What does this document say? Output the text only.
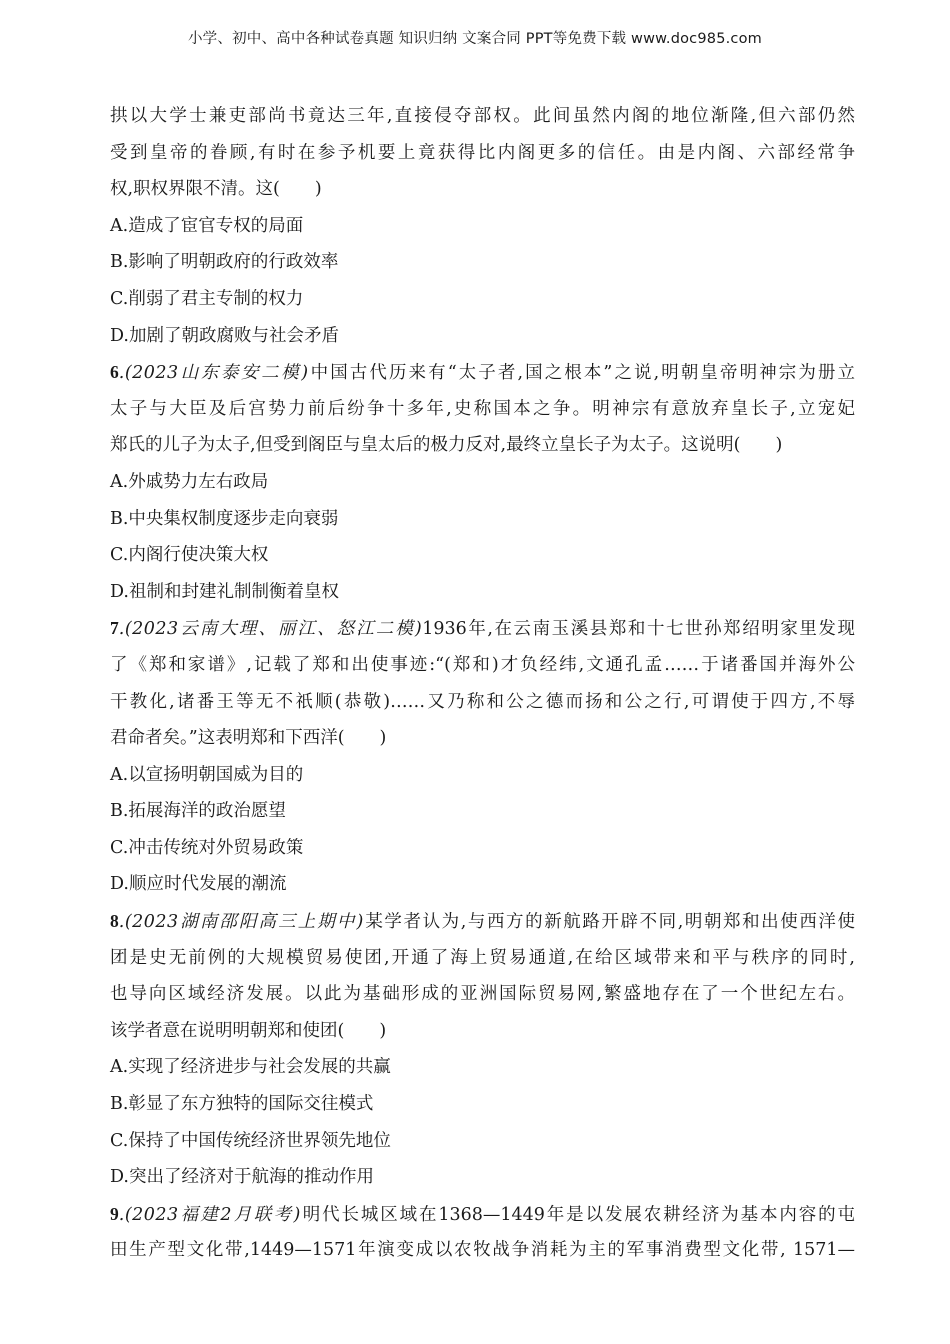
小学、初中、高中各种试卷真题 知识归纳 文案合同 PPT等免费下载 www.doc985.com
拱以大学士兼吏部尚书竟达三年,直接侵夺部权。此间虽然内阁的地位渐隆,但六部仍然
受到皇帝的眷顾,有时在参予机要上竟获得比内阁更多的信任。由是内阁、六部经常争
权,职权界限不清。这(　　)
A.造成了宦官专权的局面
B.影响了明朝政府的行政效率
C.削弱了君主专制的权力
D.加剧了朝政腐败与社会矛盾
6.(2023山东泰安二模)中国古代历来有“太子者,国之根本”之说,明朝皇帝明神宗为册立
太子与大臣及后宫势力前后纷争十多年,史称国本之争。明神宗有意放弃皇长子,立宠妃
郑氏的儿子为太子,但受到阁臣与皇太后的极力反对,最终立皇长子为太子。这说明(　　)
A.外戚势力左右政局
B.中央集权制度逐步走向衰弱
C.内阁行使决策大权
D.祖制和封建礼制制衡着皇权
7.(2023云南大理、丽江、怒江二模)1936年,在云南玉溪县郑和十七世孙郑绍明家里发现
了《郑和家谱》,记载了郑和出使事迹:“(郑和)才负经纬,文通孔孟……于诸番国并海外公
干教化,诸番王等无不祇顺(恭敬)……又乃称和公之德而扬和公之行,可谓使于四方,不辱
君命者矣。”这表明郑和下西洋(　　)
A.以宣扬明朝国威为目的
B.拓展海洋的政治愿望
C.冲击传统对外贸易政策
D.顺应时代发展的潮流
8.(2023湖南邵阳高三上期中)某学者认为,与西方的新航路开辟不同,明朝郑和出使西洋使
团是史无前例的大规模贸易使团,开通了海上贸易通道,在给区域带来和平与秩序的同时,
也导向区域经济发展。以此为基础形成的亚洲国际贸易网,繁盛地存在了一个世纪左右。
该学者意在说明明朝郑和使团(　　)
A.实现了经济进步与社会发展的共赢
B.彰显了东方独特的国际交往模式
C.保持了中国传统经济世界领先地位
D.突出了经济对于航海的推动作用
9.(2023福建2月联考)明代长城区域在1368—1449年是以发展农耕经济为基本内容的屯
田生产型文化带,1449—1571年演变成以农牧战争消耗为主的军事消费型文化带, 1571—
